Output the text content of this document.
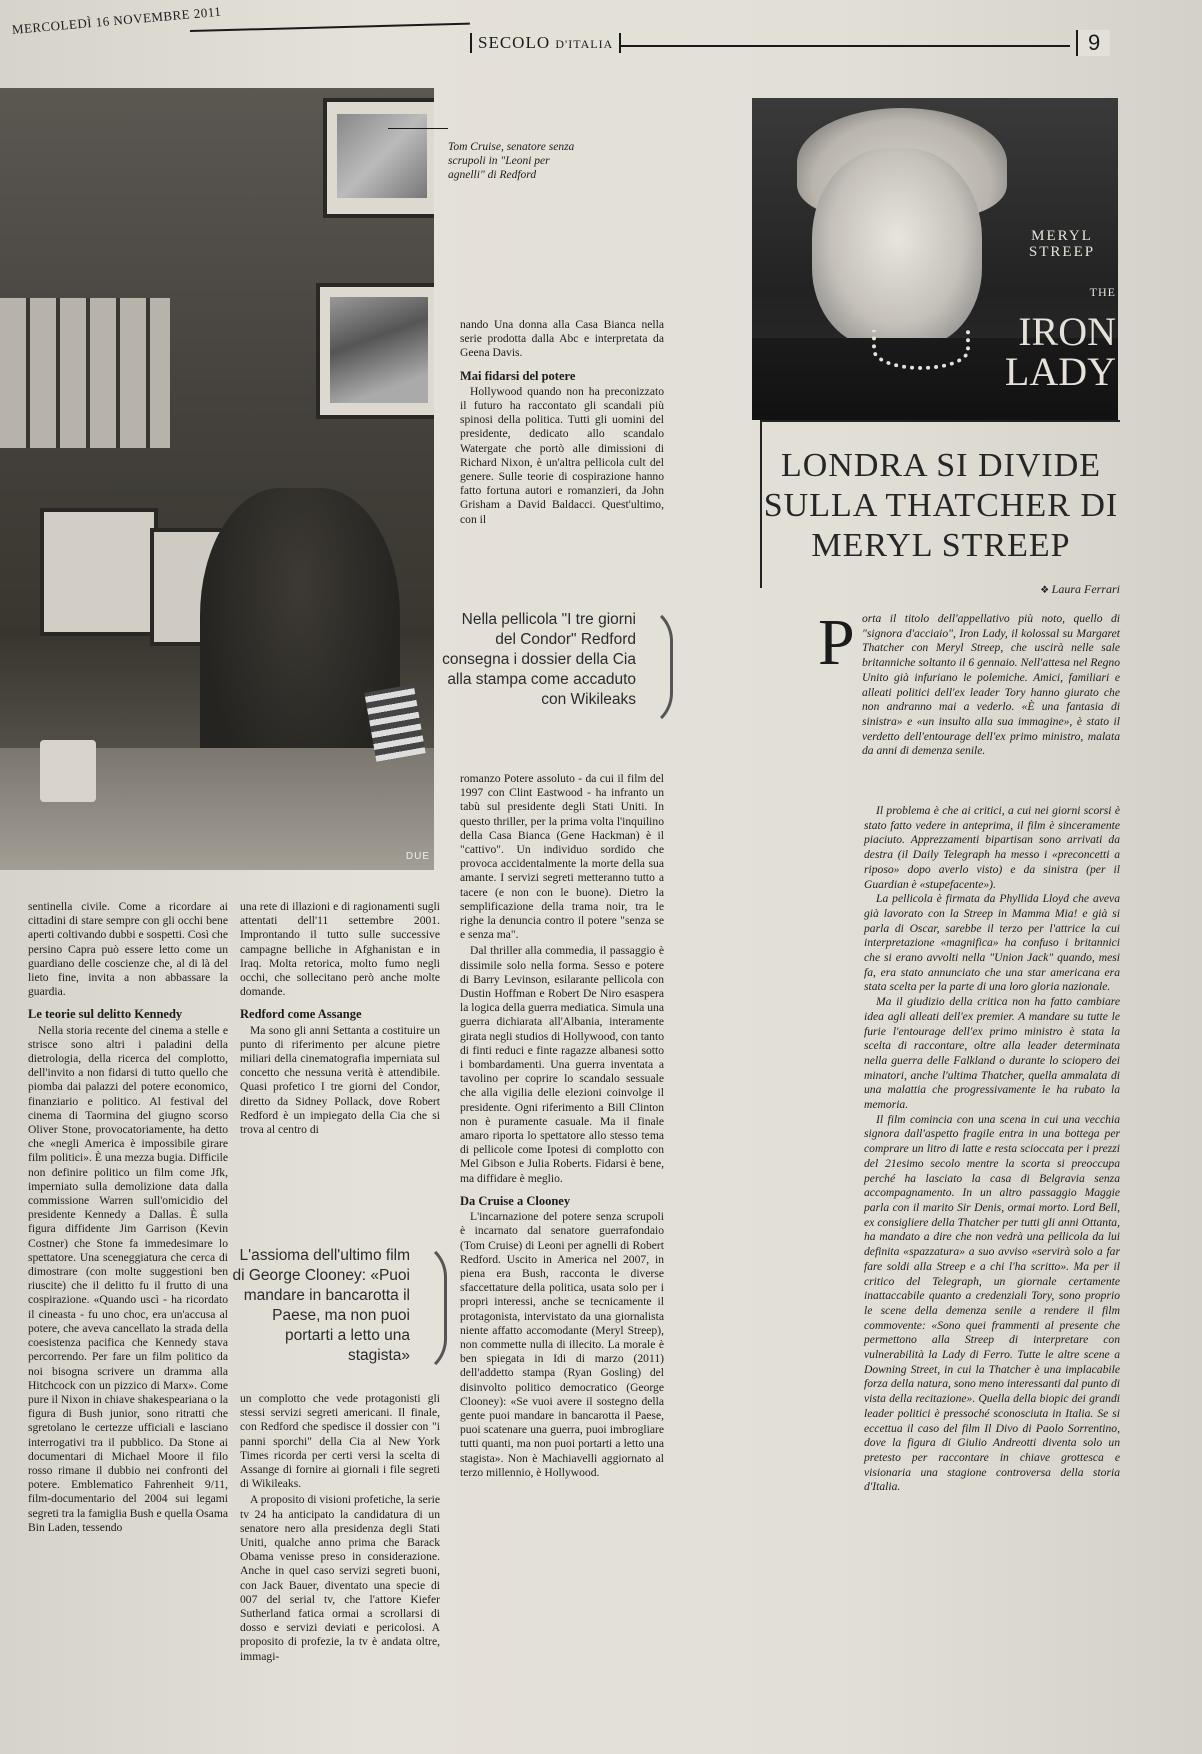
MERCOLEDÌ 16 NOVEMBRE 2011
SECOLO D'ITALIA	9
DUE
Tom Cruise, senatore senza scrupoli in "Leoni per agnelli" di Redford

nando Una donna alla Casa Bianca nella serie prodotta dalla Abc e interpretata da Geena Davis.

Mai fidarsi del potere

Hollywood quando non ha preconizzato il futuro ha raccontato gli scandali più spinosi della politica. Tutti gli uomini del presidente, dedicato allo scandalo Watergate che portò alle dimissioni di Richard Nixon, è un'altra pellicola cult del genere. Sulle teorie di cospirazione hanno fatto fortuna autori e romanzieri, da John Grisham a David Baldacci. Quest'ultimo, con il

Nella pellicola "I tre giorni del Condor" Redford consegna i dossier della Cia alla stampa come accaduto con Wikileaks

romanzo Potere assoluto - da cui il film del 1997 con Clint Eastwood - ha infranto un tabù sul presidente degli Stati Uniti. In questo thriller, per la prima volta l'inquilino della Casa Bianca (Gene Hackman) è il "cattivo". Un individuo sordido che provoca accidentalmente la morte della sua amante. I servizi segreti metteranno tutto a tacere (e non con le buone). Dietro la semplificazione della trama noir, tra le righe la denuncia contro il potere "senza se e senza ma".

Dal thriller alla commedia, il passaggio è dissimile solo nella forma. Sesso e potere di Barry Levinson, esilarante pellicola con Dustin Hoffman e Robert De Niro esaspera la logica della guerra mediatica. Simula una guerra dichiarata all'Albania, interamente girata negli studios di Hollywood, con tanto di finti reduci e finte ragazze albanesi sotto i bombardamenti. Una guerra inventata a tavolino per coprire lo scandalo sessuale che alla vigilia delle elezioni coinvolge il presidente. Ogni riferimento a Bill Clinton non è puramente casuale. Ma il finale amaro riporta lo spettatore allo stesso tema di pellicole come Ipotesi di complotto con Mel Gibson e Julia Roberts. Fidarsi è bene, ma diffidare è meglio.

Da Cruise a Clooney

L'incarnazione del potere senza scrupoli è incarnato dal senatore guerrafondaio (Tom Cruise) di Leoni per agnelli di Robert Redford. Uscito in America nel 2007, in piena era Bush, racconta le diverse sfaccettature della politica, usata solo per i propri interessi, anche se tecnicamente il protagonista, intervistato da una giornalista niente affatto accomodante (Meryl Streep), non commette nulla di illecito. La morale è ben spiegata in Idi di marzo (2011) dell'addetto stampa (Ryan Gosling) del disinvolto politico democratico (George Clooney): «Se vuoi avere il sostegno della gente puoi mandare in bancarotta il Paese, puoi scatenare una guerra, puoi imbrogliare tutti quanti, ma non puoi portarti a letto una stagista». Non è Machiavelli aggiornato al terzo millennio, è Hollywood.

sentinella civile. Come a ricordare ai cittadini di stare sempre con gli occhi bene aperti coltivando dubbi e sospetti. Così che persino Capra può essere letto come un guardiano delle coscienze che, al di là del lieto fine, invita a non abbassare la guardia.

Le teorie sul delitto Kennedy

Nella storia recente del cinema a stelle e strisce sono altri i paladini della dietrologia, della ricerca del complotto, dell'invito a non fidarsi di tutto quello che piomba dai palazzi del potere economico, finanziario e politico. Al festival del cinema di Taormina del giugno scorso Oliver Stone, provocatoriamente, ha detto che «negli America è impossibile girare film politici». È una mezza bugia. Difficile non definire politico un film come Jfk, imperniato sulla demolizione data dalla commissione Warren sull'omicidio del presidente Kennedy a Dallas. È sulla figura diffidente Jim Garrison (Kevin Costner) che Stone fa immedesimare lo spettatore. Una sceneggiatura che cerca di dimostrare (con molte suggestioni ben riuscite) che il delitto fu il frutto di una cospirazione. «Quando uscì - ha ricordato il cineasta - fu uno choc, era un'accusa al potere, che aveva cancellato la strada della coesistenza pacifica che Kennedy stava percorrendo. Per fare un film politico da noi bisogna scrivere un dramma alla Hitchcock con un pizzico di Marx». Come pure il Nixon in chiave shakespeariana o la figura di Bush junior, sono ritratti che sgretolano le certezze ufficiali e lasciano interrogativi tra il pubblico. Da Stone ai documentari di Michael Moore il filo rosso rimane il dubbio nei confronti del potere. Emblematico Fahrenheit 9/11, film-documentario del 2004 sui legami segreti tra la famiglia Bush e quella Osama Bin Laden, tessendo

una rete di illazioni e di ragionamenti sugli attentati dell'11 settembre 2001. Improntando il tutto sulle successive campagne belliche in Afghanistan e in Iraq. Molta retorica, molto fumo negli occhi, che sollecitano però anche molte domande.

Redford come Assange

Ma sono gli anni Settanta a costituire un punto di riferimento per alcune pietre miliari della cinematografia imperniata sul concetto che nessuna verità è attendibile. Quasi profetico I tre giorni del Condor, diretto da Sidney Pollack, dove Robert Redford è un impiegato della Cia che si trova al centro di

L'assioma dell'ultimo film di George Clooney: «Puoi mandare in bancarotta il Paese, ma non puoi portarti a letto una stagista»

un complotto che vede protagonisti gli stessi servizi segreti americani. Il finale, con Redford che spedisce il dossier con "i panni sporchi" della Cia al New York Times ricorda per certi versi la scelta di Assange di fornire ai giornali i file segreti di Wikileaks.

A proposito di visioni profetiche, la serie tv 24 ha anticipato la candidatura di un senatore nero alla presidenza degli Stati Uniti, qualche anno prima che Barack Obama venisse preso in considerazione. Anche in quel caso servizi segreti buoni, con Jack Bauer, diventato una specie di 007 del serial tv, che l'attore Kiefer Sutherland fatica ormai a scrollarsi di dosso e servizi deviati e pericolosi. A proposito di profezie, la tv è andata oltre, immagi-

MERYL STREEP
THE IRON LADY
LONDRA SI DIVIDE SULLA THATCHER DI MERYL STREEP
❖ Laura Ferrari
P orta il titolo dell'appellativo più noto, quello di "signora d'acciaio", Iron Lady, il kolossal su Margaret Thatcher con Meryl Streep, che uscirà nelle sale britanniche soltanto il 6 gennaio. Nell'attesa nel Regno Unito già infuriano le polemiche. Amici, familiari e alleati politici dell'ex leader Tory hanno giurato che non andranno mai a vederlo. «È una fantasia di sinistra» e «un insulto alla sua immagine», è stato il verdetto dell'entourage dell'ex primo ministro, malata da anni di demenza senile.

Il problema è che ai critici, a cui nei giorni scorsi è stato fatto vedere in anteprima, il film è sinceramente piaciuto. Apprezzamenti bipartisan sono arrivati da destra (il Daily Telegraph ha messo i «preconcetti a riposo» dopo averlo visto) e da sinistra (per il Guardian è «stupefacente»).

La pellicola è firmata da Phyllida Lloyd che aveva già lavorato con la Streep in Mamma Mia! e già si parla di Oscar, sarebbe il terzo per l'attrice la cui interpretazione «magnifica» ha confuso i britannici che si erano avvolti nella "Union Jack" quando, mesi fa, era stato annunciato che una star americana era stata scelta per la parte di una loro gloria nazionale.

Ma il giudizio della critica non ha fatto cambiare idea agli alleati dell'ex premier. A mandare su tutte le furie l'entourage dell'ex primo ministro è stata la scelta di raccontare, oltre alla leader determinata nella guerra delle Falkland o durante lo sciopero dei minatori, anche l'ultima Thatcher, quella ammalata di una malattia che progressivamente le ha rubato la memoria.

Il film comincia con una scena in cui una vecchia signora dall'aspetto fragile entra in una bottega per comprare un litro di latte e resta scioccata per i prezzi del 21esimo secolo mentre la scorta si preoccupa perché ha lasciato la casa di Belgravia senza accompagnamento. In un altro passaggio Maggie parla con il marito Sir Denis, ormai morto. Lord Bell, ex consigliere della Thatcher per tutti gli anni Ottanta, ha mandato a dire che non vedrà una pellicola da lui definita «spazzatura» a suo avviso «servirà solo a far fare soldi alla Streep e a chi l'ha scritto». Ma per il critico del Telegraph, un giornale certamente inattaccabile quanto a credenziali Tory, sono proprio le scene della demenza senile a rendere il film commovente: «Sono quei frammenti al presente che permettono alla Streep di interpretare con vulnerabilità la Lady di Ferro. Tutte le altre scene a Downing Street, in cui la Thatcher è una implacabile forza della natura, sono meno interessanti dal punto di vista della recitazione». Quella della biopic dei grandi leader politici è pressoché sconosciuta in Italia. Se si eccettua il caso del film Il Divo di Paolo Sorrentino, dove la figura di Giulio Andreotti diventa solo un pretesto per raccontare in chiave grottesca e visionaria una stagione controversa della storia d'Italia.
